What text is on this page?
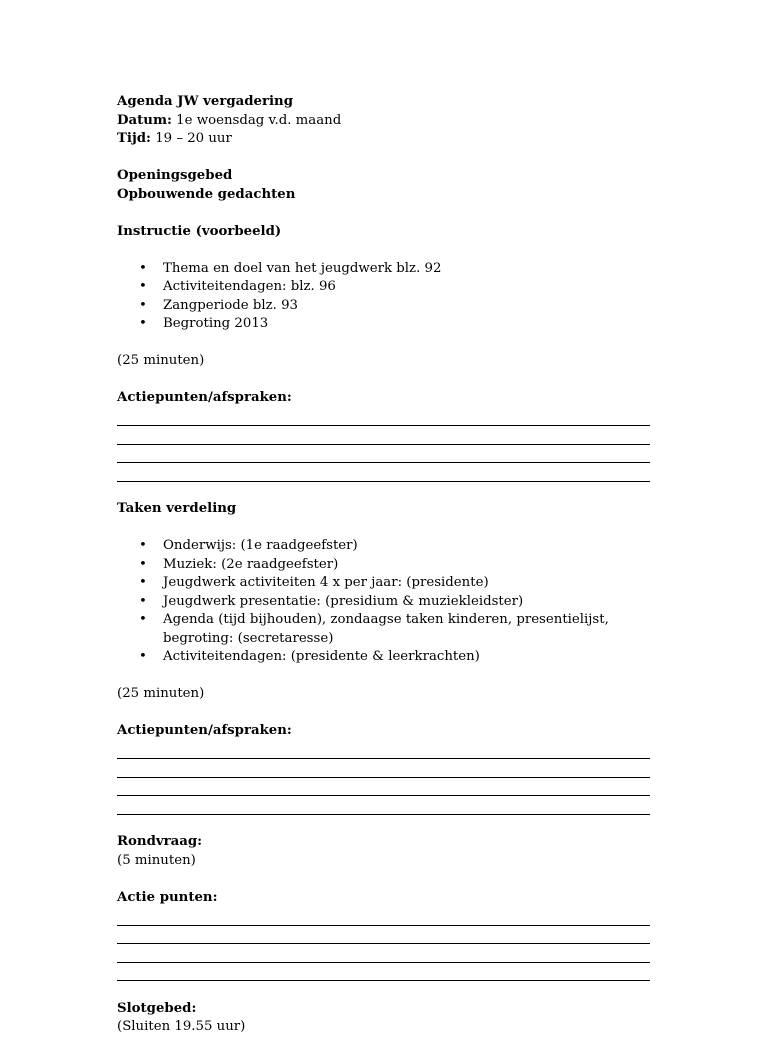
Agenda JW vergadering
Datum: 1e woensdag v.d. maand
Tijd: 19 – 20 uur
Openingsgebed
Opbouwende gedachten
Instructie (voorbeeld)
• Thema en doel van het jeugdwerk blz. 92
• Activiteitendagen: blz. 96
• Zangperiode blz. 93
• Begroting 2013
(25 minuten)
Actiepunten/afspraken:
Taken verdeling
• Onderwijs: (1e raadgeefster)
• Muziek: (2e raadgeefster)
• Jeugdwerk activiteiten 4 x per jaar: (presidente)
• Jeugdwerk presentatie: (presidium & muziekleidster)
• Agenda (tijd bijhouden), zondaagse taken kinderen, presentielijst,
begroting: (secretaresse)
• Activiteitendagen: (presidente & leerkrachten)
(25 minuten)
Actiepunten/afspraken:
Rondvraag:
(5 minuten)
Actie punten:
Slotgebed:
(Sluiten 19.55 uur)
